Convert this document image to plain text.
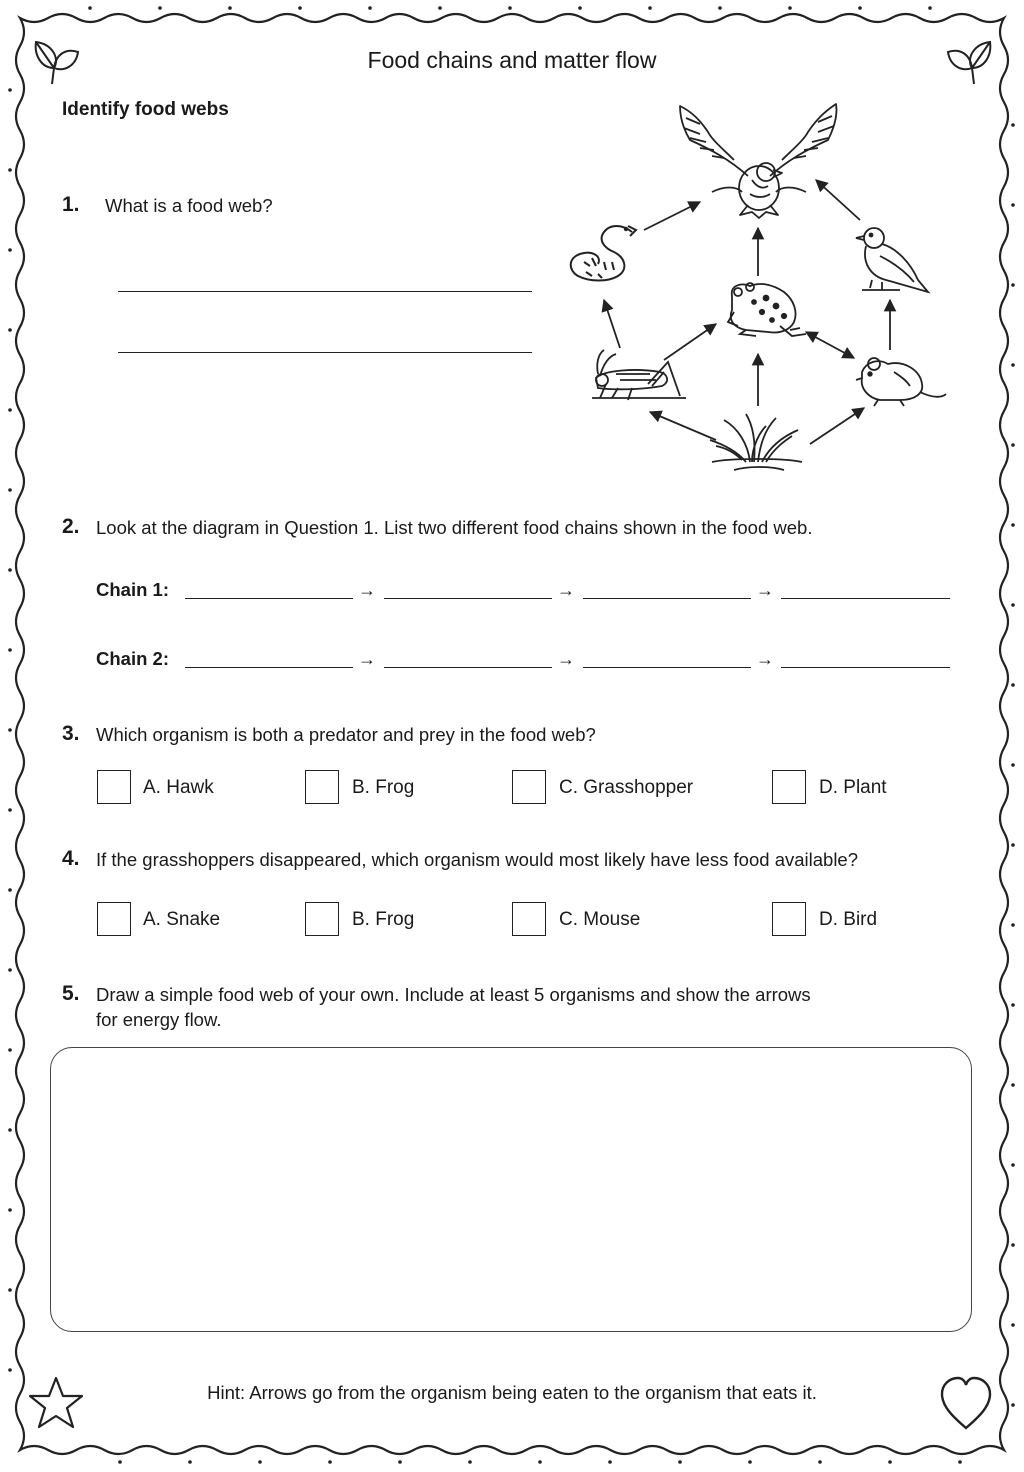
Food chains and matter flow
Identify food webs
1. What is a food web?
2. Look at the diagram in Question 1. List two different food chains shown in the food web.
Chain 1:	→	→	→
Chain 2:	→	→	→
3. Which organism is both a predator and prey in the food web?
A. Hawk	B. Frog	C. Grasshopper	D. Plant
4. If the grasshoppers disappeared, which organism would most likely have less food available?
A. Snake	B. Frog	C. Mouse	D. Bird
5. Draw a simple food web of your own. Include at least 5 organisms and show the arrows
for energy flow.
Hint: Arrows go from the organism being eaten to the organism that eats it.
